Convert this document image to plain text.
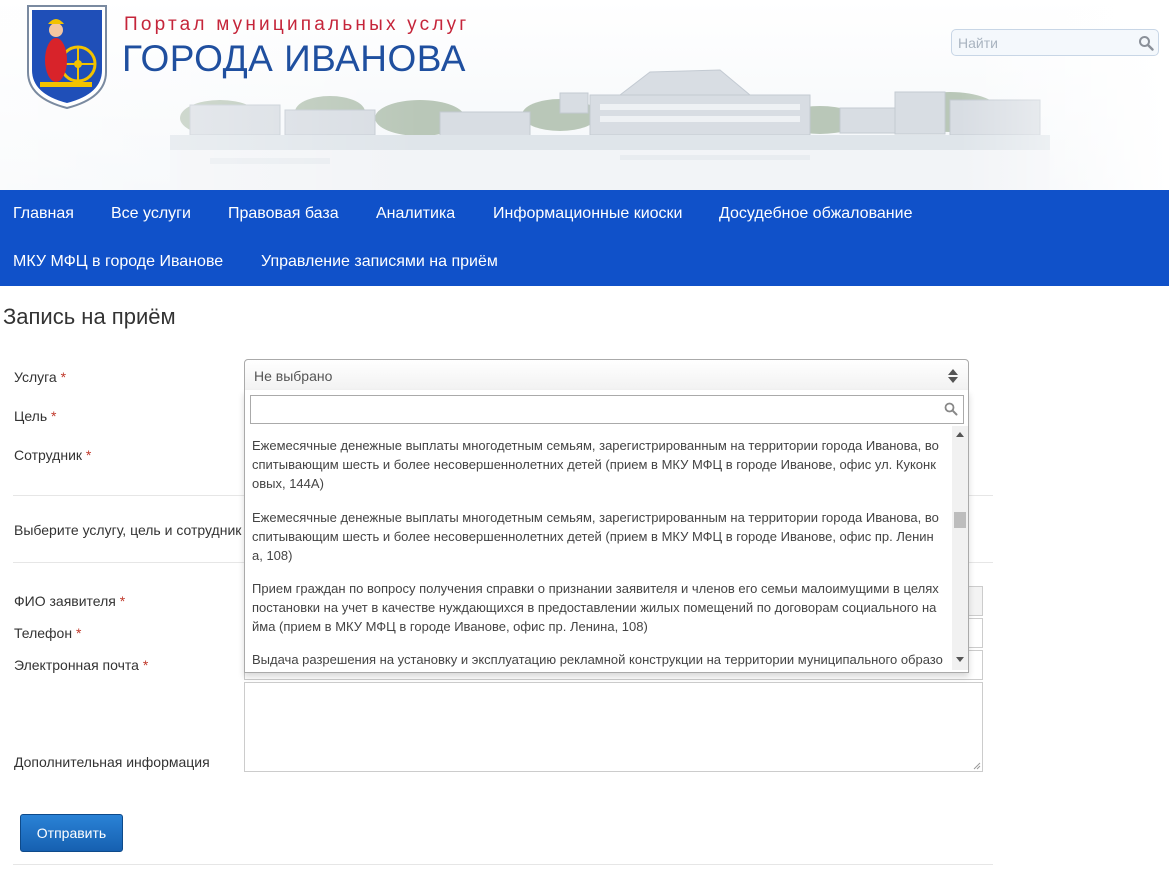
Портал муниципальных услуг
ГОРОДА ИВАНОВА
Найти
Главная Все услуги Правовая база Аналитика Информационные киоски Досудебное обжалование
МКУ МФЦ в городе Иванове Управление записями на приём
Запись на приём
Услуга *
Цель *
Сотрудник *
Выберите услугу, цель и сотрудник
ФИО заявителя *
Телефон *
Электронная почта *
Дополнительная информация
Не выбрано
Ежемесячные денежные выплаты многодетным семьям, зарегистрированным на территории города Иванова, во спитывающим шесть и более несовершеннолетних детей (прием в МКУ МФЦ в городе Иванове, офис ул. Куконк овых, 144А)
Ежемесячные денежные выплаты многодетным семьям, зарегистрированным на территории города Иванова, во спитывающим шесть и более несовершеннолетних детей (прием в МКУ МФЦ в городе Иванове, офис пр. Ленин а, 108)
Прием граждан по вопросу получения справки о признании заявителя и членов его семьи малоимущими в целях постановки на учет в качестве нуждающихся в предоставлении жилых помещений по договорам социального на йма (прием в МКУ МФЦ в городе Иванове, офис пр. Ленина, 108)
Выдача разрешения на установку и эксплуатацию рекламной конструкции на территории муниципального образо
Отправить
